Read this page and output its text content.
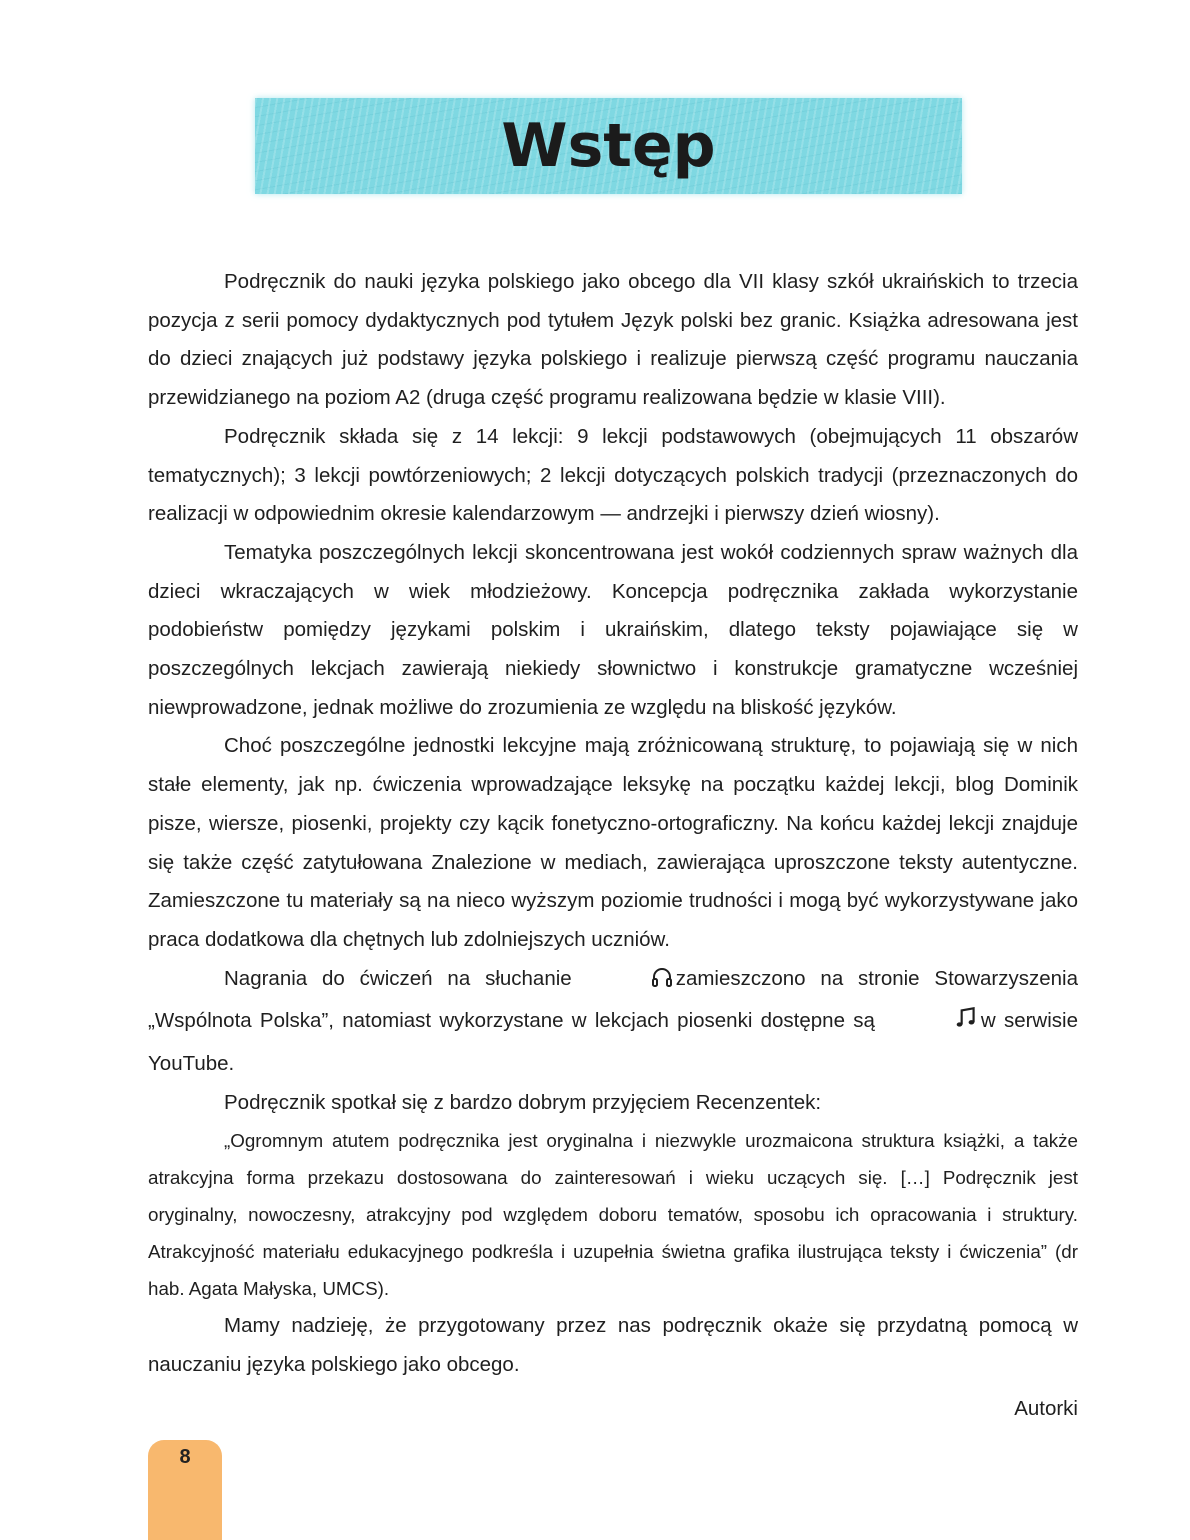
Wstęp

Podręcznik do nauki języka polskiego jako obcego dla VII klasy szkół ukraińskich to trzecia pozycja z serii pomocy dydaktycznych pod tytułem Język polski bez granic. Książka adresowana jest do dzieci znających już podstawy języka polskiego i realizuje pierwszą część programu nauczania przewidzianego na poziom A2 (druga część programu realizowana będzie w klasie VIII).

Podręcznik składa się z 14 lekcji: 9 lekcji podstawowych (obejmujących 11 obszarów tematycznych); 3 lekcji powtórzeniowych; 2 lekcji dotyczących polskich tradycji (przeznaczonych do realizacji w odpowiednim okresie kalendarzowym — andrzejki i pierwszy dzień wiosny).

Tematyka poszczególnych lekcji skoncentrowana jest wokół codziennych spraw ważnych dla dzieci wkraczających w wiek młodzieżowy. Koncepcja podręcznika zakłada wykorzystanie podobieństw pomiędzy językami polskim i ukraińskim, dlatego teksty pojawiające się w poszczególnych lekcjach zawierają niekiedy słownictwo i konstrukcje gramatyczne wcześniej niewprowadzone, jednak możliwe do zrozumienia ze względu na bliskość języków.

Choć poszczególne jednostki lekcyjne mają zróżnicowaną strukturę, to pojawiają się w nich stałe elementy, jak np. ćwiczenia wprowadzające leksykę na początku każdej lekcji, blog Dominik pisze, wiersze, piosenki, projekty czy kącik fonetyczno-ortograficzny. Na końcu każdej lekcji znajduje się także część zatytułowana Znalezione w mediach, zawierająca uproszczone teksty autentyczne. Zamieszczone tu materiały są na nieco wyższym poziomie trudności i mogą być wykorzystywane jako praca dodatkowa dla chętnych lub zdolniejszych uczniów.

Nagrania do ćwiczeń na słuchanie	zamieszczono na stronie Stowarzyszenia „Wspólnota Polska”, natomiast wykorzystane w lekcjach piosenki dostępne są	w serwisie YouTube.

Podręcznik spotkał się z bardzo dobrym przyjęciem Recenzentek:

„Ogromnym atutem podręcznika jest oryginalna i niezwykle urozmaicona struktura książki, a także atrakcyjna forma przekazu dostosowana do zainteresowań i wieku uczących się. […] Podręcznik jest oryginalny, nowoczesny, atrakcyjny pod względem doboru tematów, sposobu ich opracowania i struktury. Atrakcyjność materiału edukacyjnego podkreśla i uzupełnia świetna grafika ilustrująca teksty i ćwiczenia” (dr hab. Agata Małyska, UMCS).

Mamy nadzieję, że przygotowany przez nas podręcznik okaże się przydatną pomocą w nauczaniu języka polskiego jako obcego.

Autorki

8
